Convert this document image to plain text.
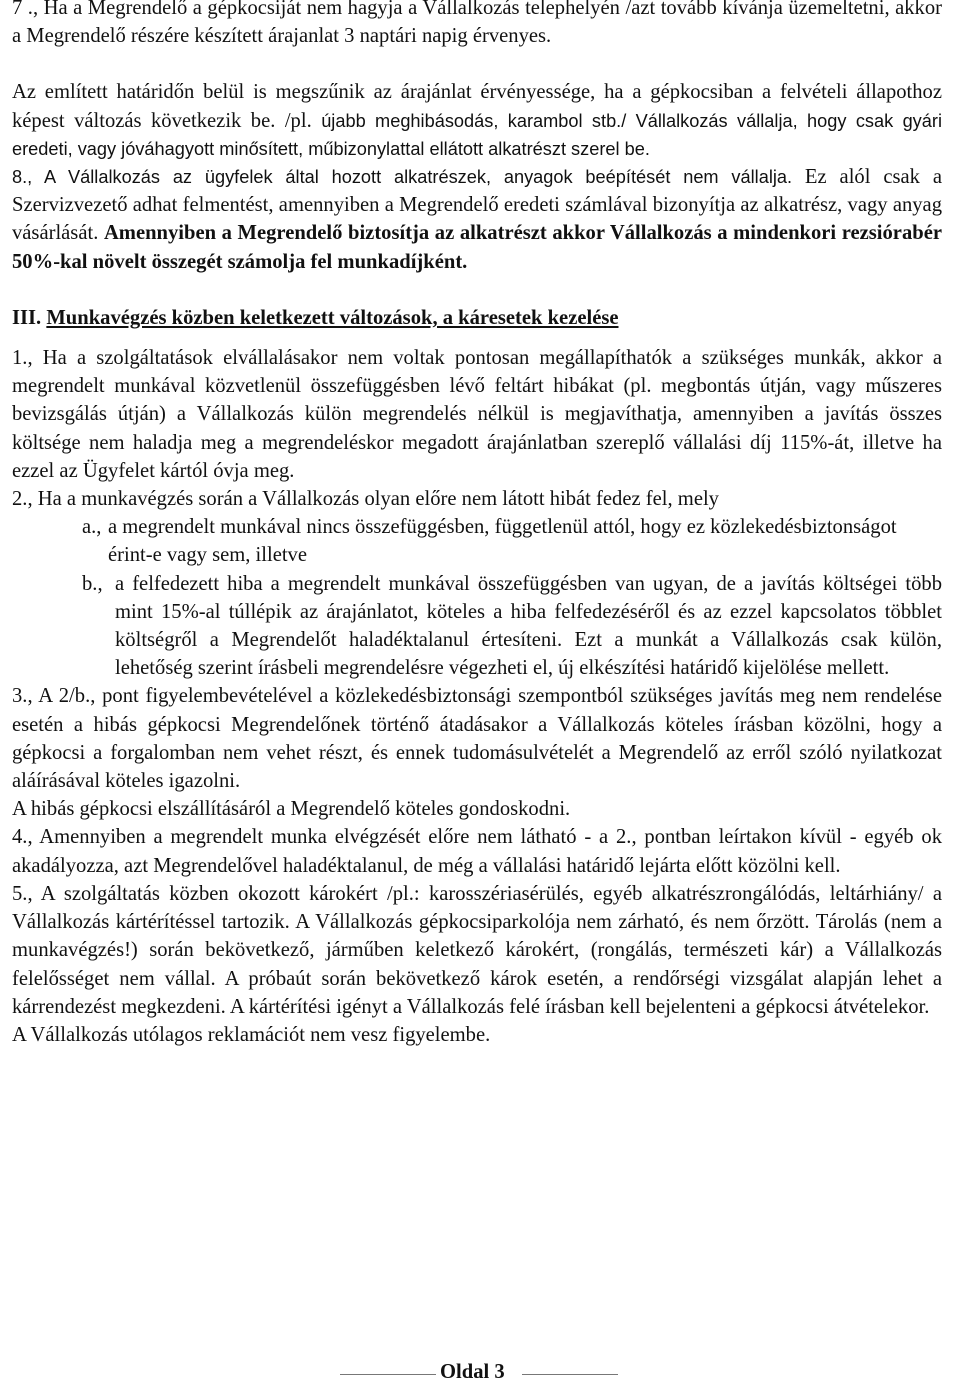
7 ., Ha a Megrendelő a gépkocsiját nem hagyja a Vállalkozás telephelyén /azt tovább kívánja üzemeltetni, akkor a Megrendelő részére készített árajanlat 3 naptári napig érvenyes.

Az említett határidőn belül is megszűnik az árajánlat érvényessége, ha a gépkocsiban a felvételi állapothoz képest változás következik be. /pl. újabb meghibásodás, karambol stb./ Vállalkozás vállalja, hogy csak gyári eredeti, vagy jóváhagyott minősített, műbizonylattal ellátott alkatrészt szerel be.

8., A Vállalkozás az ügyfelek által hozott alkatrészek, anyagok beépítését nem vállalja. Ez alól csak a Szervizvezető adhat felmentést, amennyiben a Megrendelő eredeti számlával bizonyítja az alkatrész, vagy anyag vásárlását. Amennyiben a Megrendelő biztosítja az alkatrészt akkor Vállalkozás a mindenkori rezsiórabér 50%-kal növelt összegét számolja fel munkadíjként.

III. Munkavégzés közben keletkezett változások, a káresetek kezelése

1., Ha a szolgáltatások elvállalásakor nem voltak pontosan megállapíthatók a szükséges munkák, akkor a megrendelt munkával közvetlenül összefüggésben lévő feltárt hibákat (pl. megbontás útján, vagy műszeres bevizsgálás útján) a Vállalkozás külön megrendelés nélkül is megjavíthatja, amennyiben a javítás összes költsége nem haladja meg a megrendeléskor megadott árajánlatban szereplő vállalási díj 115%-át, illetve ha ezzel az Ügyfelet kártól óvja meg.

2., Ha a munkavégzés során a Vállalkozás olyan előre nem látott hibát fedez fel, mely

a., a megrendelt munkával nincs összefüggésben, függetlenül attól, hogy ez közlekedésbiztonságot érint-e vagy sem, illetve
b., a felfedezett hiba a megrendelt munkával összefüggésben van ugyan, de a javítás költségei több mint 15%-al túllépik az árajánlatot, köteles a hiba felfedezéséről és az ezzel kapcsolatos többlet költségről a Megrendelőt haladéktalanul értesíteni. Ezt a munkát a Vállalkozás csak külön, lehetőség szerint írásbeli megrendelésre végezheti el, új elkészítési határidő kijelölése mellett.

3., A 2/b., pont figyelembevételével a közlekedésbiztonsági szempontból szükséges javítás meg nem rendelése esetén a hibás gépkocsi Megrendelőnek történő átadásakor a Vállalkozás köteles írásban közölni, hogy a gépkocsi a forgalomban nem vehet részt, és ennek tudomásulvételét a Megrendelő az erről szóló nyilatkozat aláírásával köteles igazolni.

A hibás gépkocsi elszállításáról a Megrendelő köteles gondoskodni.

4., Amennyiben a megrendelt munka elvégzését előre nem látható - a 2., pontban leírtakon kívül - egyéb ok akadályozza, azt Megrendelővel haladéktalanul, de még a vállalási határidő lejárta előtt közölni kell.

5., A szolgáltatás közben okozott károkért /pl.: karosszériasérülés, egyéb alkatrészrongálódás, leltárhiány/ a Vállalkozás kártérítéssel tartozik. A Vállalkozás gépkocsiparkolója nem zárható, és nem őrzött. Tárolás (nem a munkavégzés!) során bekövetkező, járműben keletkező károkért, (rongálás, természeti kár) a Vállalkozás felelősséget nem vállal. A próbaút során bekövetkező károk esetén, a rendőrségi vizsgálat alapján lehet a kárrendezést megkezdeni. A kártérítési igényt a Vállalkozás felé írásban kell bejelenteni a gépkocsi átvételekor.

A Vállalkozás utólagos reklamációt nem vesz figyelembe.

Oldal 3
